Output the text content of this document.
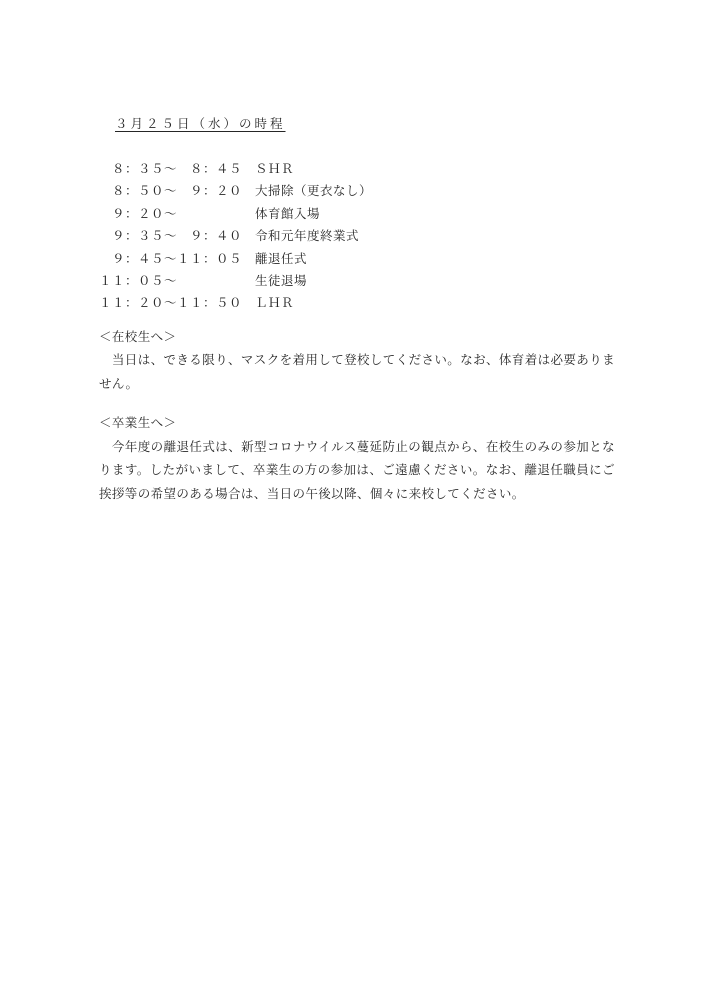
３月２５日（水）の時程
　８：３５～　８：４５	ＳＨＲ
　８：５０～　９：２０	大掃除（更衣なし）
　９：２０～	体育館入場
　９：３５～　９：４０	令和元年度終業式
　９：４５～１１：０５	離退任式
１１：０５～	生徒退場
１１：２０～１１：５０	ＬＨＲ
＜在校生へ＞

　当日は、できる限り、マスクを着用して登校してください。なお、体育着は必要ありません。

＜卒業生へ＞

　今年度の離退任式は、新型コロナウイルス蔓延防止の観点から、在校生のみの参加となります。したがいまして、卒業生の方の参加は、ご遠慮ください。なお、離退任職員にご挨拶等の希望のある場合は、当日の午後以降、個々に来校してください。
